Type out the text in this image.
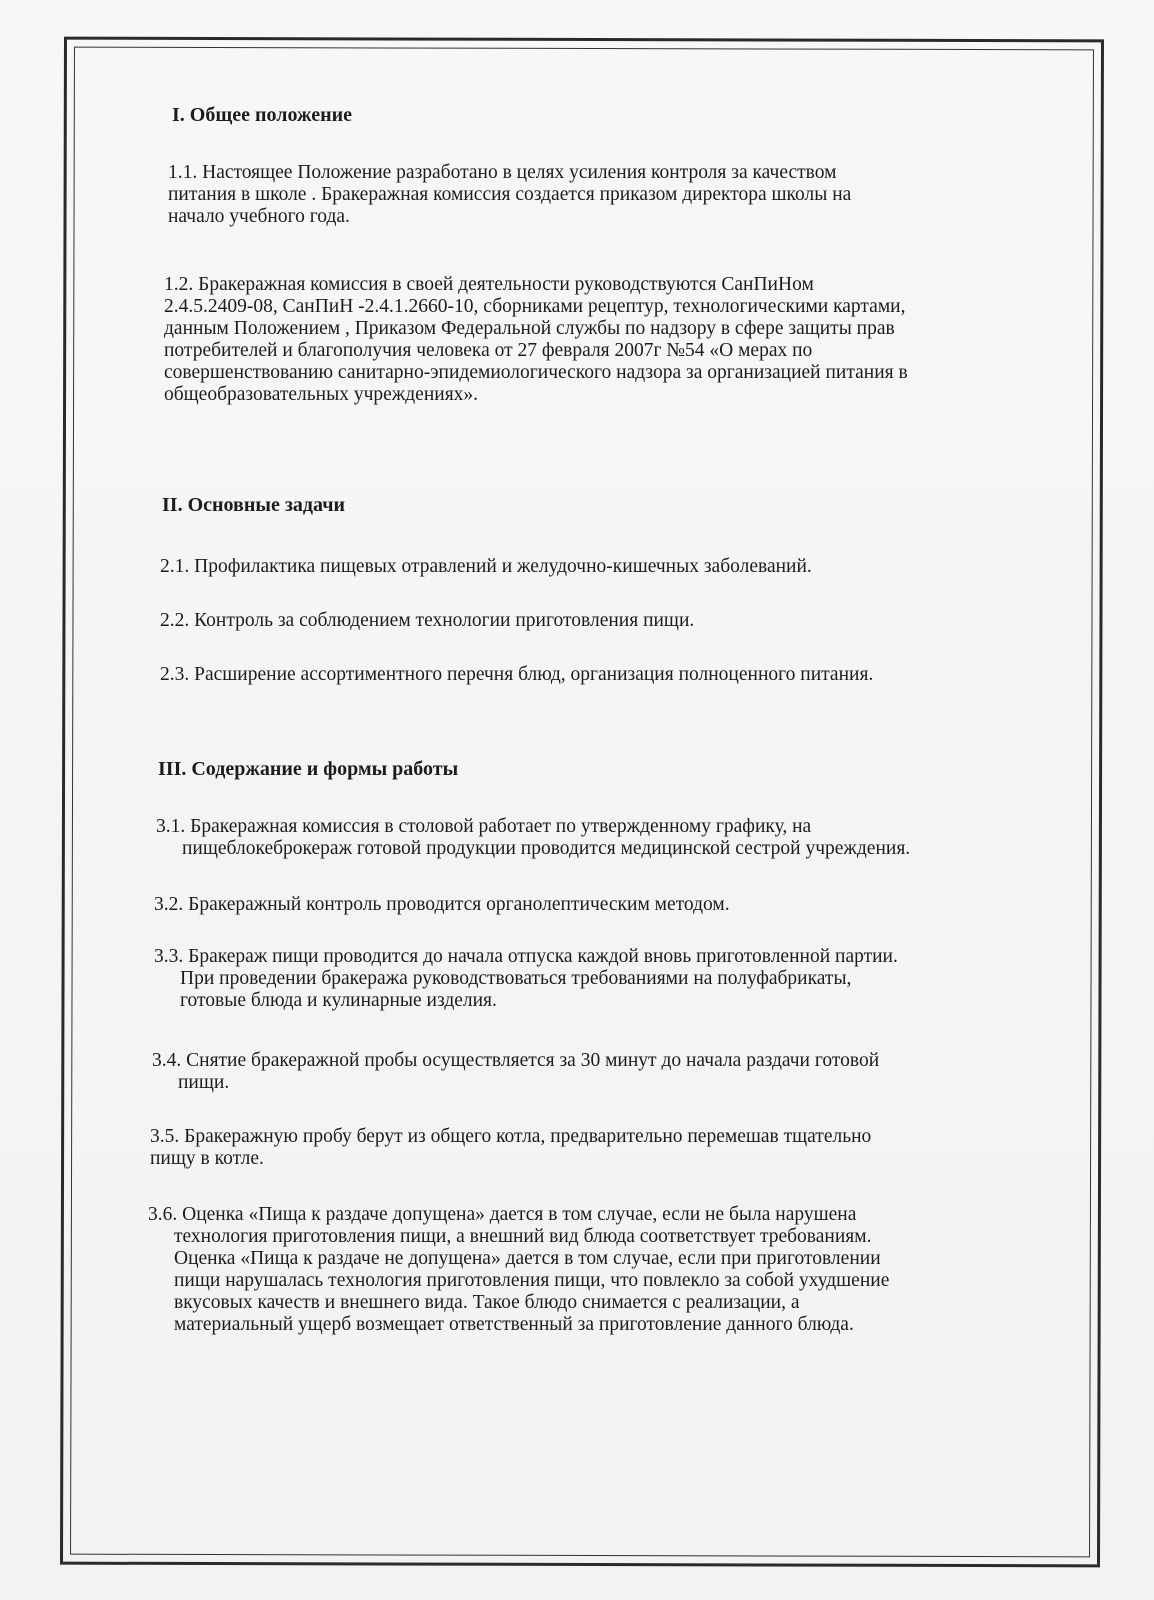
I. Общее положение

1.1. Настоящее Положение разработано в целях усиления контроля за качеством
питания в школе . Бракеражная комиссия создается приказом директора школы на
начало учебного года.

1.2. Бракеражная комиссия в своей деятельности руководствуются СанПиНом
2.4.5.2409-08, СанПиН -2.4.1.2660-10, сборниками рецептур, технологическими картами,
данным Положением , Приказом Федеральной службы по надзору в сфере защиты прав
потребителей и благополучия человека от 27 февраля 2007г №54 «О мерах по
совершенствованию санитарно-эпидемиологического надзора за организацией питания в
общеобразовательных учреждениях».

II. Основные задачи

2.1. Профилактика пищевых отравлений и желудочно-кишечных заболеваний.

2.2. Контроль за соблюдением технологии приготовления пищи.

2.3. Расширение ассортиментного перечня блюд, организация полноценного питания.

III. Содержание и формы работы

3.1. Бракеражная комиссия в столовой работает по утвержденному графику, на
пищеблокеброкераж готовой продукции проводится медицинской сестрой учреждения.

3.2. Бракеражный контроль проводится органолептическим методом.

3.3. Бракераж пищи проводится до начала отпуска каждой вновь приготовленной партии.
При проведении бракеража руководствоваться требованиями на полуфабрикаты,
готовые блюда и кулинарные изделия.

3.4. Снятие бракеражной пробы осуществляется за 30 минут до начала раздачи готовой
пищи.

3.5. Бракеражную пробу берут из общего котла, предварительно перемешав тщательно
пищу в котле.

3.6. Оценка «Пища к раздаче допущена» дается в том случае, если не была нарушена
технология приготовления пищи, а внешний вид блюда соответствует требованиям.
Оценка «Пища к раздаче не допущена» дается в том случае, если при приготовлении
пищи нарушалась технология приготовления пищи, что повлекло за собой ухудшение
вкусовых качеств и внешнего вида. Такое блюдо снимается с реализации, а
материальный ущерб возмещает ответственный за приготовление данного блюда.
